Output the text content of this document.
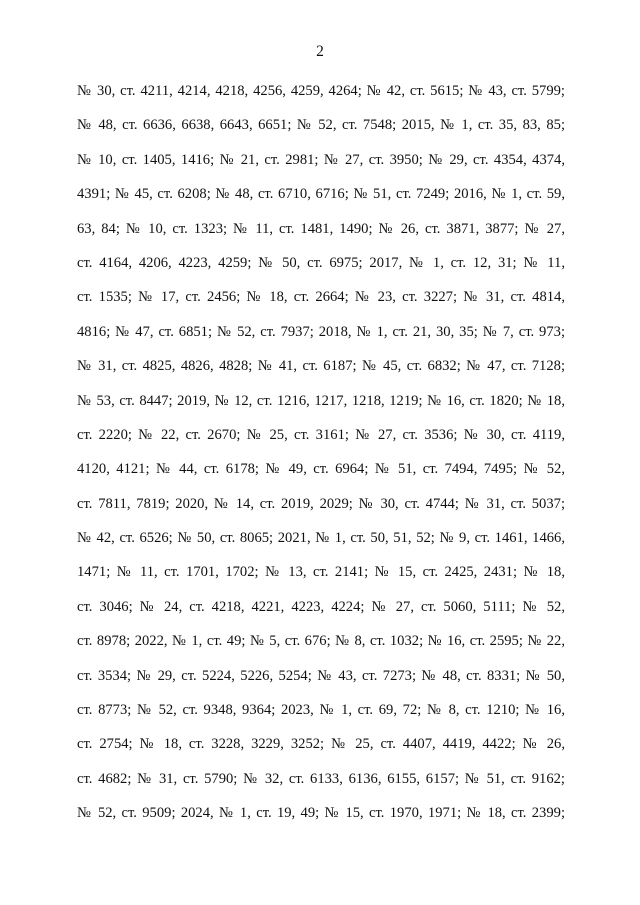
2
№ 30, ст. 4211, 4214, 4218, 4256, 4259, 4264; № 42, ст. 5615; № 43, ст. 5799;
№ 48, ст. 6636, 6638, 6643, 6651; № 52, ст. 7548; 2015, № 1, ст. 35, 83, 85;
№ 10, ст. 1405, 1416; № 21, ст. 2981; № 27, ст. 3950; № 29, ст. 4354, 4374,
4391; № 45, ст. 6208; № 48, ст. 6710, 6716; № 51, ст. 7249; 2016, № 1, ст. 59,
63, 84; № 10, ст. 1323; № 11, ст. 1481, 1490; № 26, ст. 3871, 3877; № 27,
ст. 4164, 4206, 4223, 4259; № 50, ст. 6975; 2017, № 1, ст. 12, 31; № 11,
ст. 1535; № 17, ст. 2456; № 18, ст. 2664; № 23, ст. 3227; № 31, ст. 4814,
4816; № 47, ст. 6851; № 52, ст. 7937; 2018, № 1, ст. 21, 30, 35; № 7, ст. 973;
№ 31, ст. 4825, 4826, 4828; № 41, ст. 6187; № 45, ст. 6832; № 47, ст. 7128;
№ 53, ст. 8447; 2019, № 12, ст. 1216, 1217, 1218, 1219; № 16, ст. 1820; № 18,
ст. 2220; № 22, ст. 2670; № 25, ст. 3161; № 27, ст. 3536; № 30, ст. 4119,
4120, 4121; № 44, ст. 6178; № 49, ст. 6964; № 51, ст. 7494, 7495; № 52,
ст. 7811, 7819; 2020, № 14, ст. 2019, 2029; № 30, ст. 4744; № 31, ст. 5037;
№ 42, ст. 6526; № 50, ст. 8065; 2021, № 1, ст. 50, 51, 52; № 9, ст. 1461, 1466,
1471; № 11, ст. 1701, 1702; № 13, ст. 2141; № 15, ст. 2425, 2431; № 18,
ст. 3046; № 24, ст. 4218, 4221, 4223, 4224; № 27, ст. 5060, 5111; № 52,
ст. 8978; 2022, № 1, ст. 49; № 5, ст. 676; № 8, ст. 1032; № 16, ст. 2595; № 22,
ст. 3534; № 29, ст. 5224, 5226, 5254; № 43, ст. 7273; № 48, ст. 8331; № 50,
ст. 8773; № 52, ст. 9348, 9364; 2023, № 1, ст. 69, 72; № 8, ст. 1210; № 16,
ст. 2754; № 18, ст. 3228, 3229, 3252; № 25, ст. 4407, 4419, 4422; № 26,
ст. 4682; № 31, ст. 5790; № 32, ст. 6133, 6136, 6155, 6157; № 51, ст. 9162;
№ 52, ст. 9509; 2024, № 1, ст. 19, 49; № 15, ст. 1970, 1971; № 18, ст. 2399;
